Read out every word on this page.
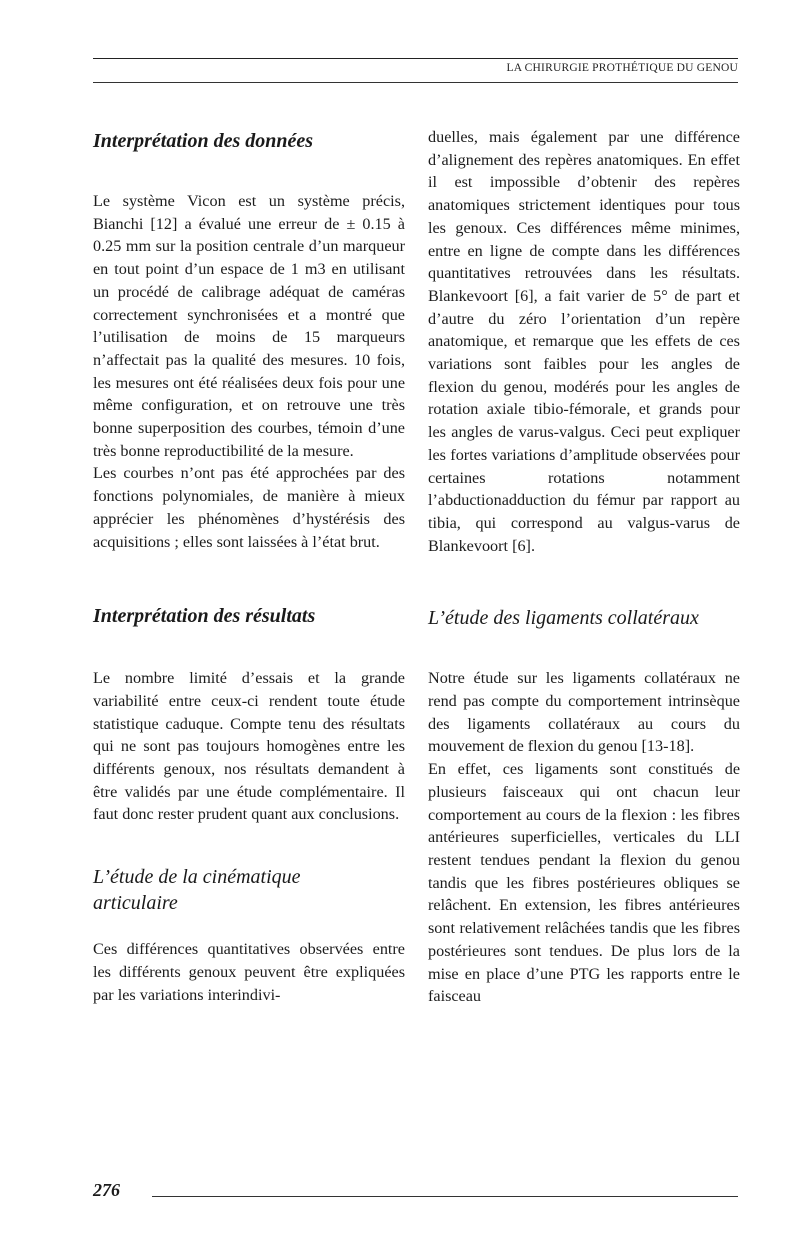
LA CHIRURGIE PROTHÉTIQUE DU GENOU
Interprétation des données

Le système Vicon est un système précis, Bianchi [12] a évalué une erreur de ± 0.15 à 0.25 mm sur la position centrale d’un marqueur en tout point d’un espace de 1 m3 en utilisant un procédé de calibrage adéquat de caméras correctement synchronisées et a montré que l’utilisation de moins de 15 marqueurs n’affectait pas la qualité des mesures. 10 fois, les mesures ont été réalisées deux fois pour une même configuration, et on retrouve une très bonne superposition des courbes, témoin d’une très bonne reproductibilité de la mesure.

Les courbes n’ont pas été approchées par des fonctions polynomiales, de manière à mieux apprécier les phénomènes d’hystérésis des acquisitions ; elles sont laissées à l’état brut.

Interprétation des résultats

Le nombre limité d’essais et la grande variabilité entre ceux-ci rendent toute étude statistique caduque. Compte tenu des résultats qui ne sont pas toujours homogènes entre les différents genoux, nos résultats demandent à être validés par une étude complémentaire. Il faut donc rester prudent quant aux conclusions.

L’étude de la cinématique
articulaire

Ces différences quantitatives observées entre les différents genoux peuvent être expliquées par les variations interindivi-

duelles, mais également par une différence d’alignement des repères anatomiques. En effet il est impossible d’obtenir des repères anatomiques strictement identiques pour tous les genoux. Ces différences même minimes, entre en ligne de compte dans les différences quantitatives retrouvées dans les résultats. Blankevoort [6], a fait varier de 5° de part et d’autre du zéro l’orientation d’un repère anatomique, et remarque que les effets de ces variations sont faibles pour les angles de flexion du genou, modérés pour les angles de rotation axiale tibio-fémorale, et grands pour les angles de varus-valgus. Ceci peut expliquer les fortes variations d’amplitude observées pour certaines rotations notamment l’abductionadduction du fémur par rapport au tibia, qui correspond au valgus-varus de Blankevoort [6].

L’étude des ligaments collatéraux

Notre étude sur les ligaments collatéraux ne rend pas compte du comportement intrinsèque des ligaments collatéraux au cours du mouvement de flexion du genou [13-18].

En effet, ces ligaments sont constitués de plusieurs faisceaux qui ont chacun leur comportement au cours de la flexion : les fibres antérieures superficielles, verticales du LLI restent tendues pendant la flexion du genou tandis que les fibres postérieures obliques se relâchent. En extension, les fibres antérieures sont relativement relâchées tandis que les fibres postérieures sont tendues. De plus lors de la mise en place d’une PTG les rapports entre le faisceau

276
